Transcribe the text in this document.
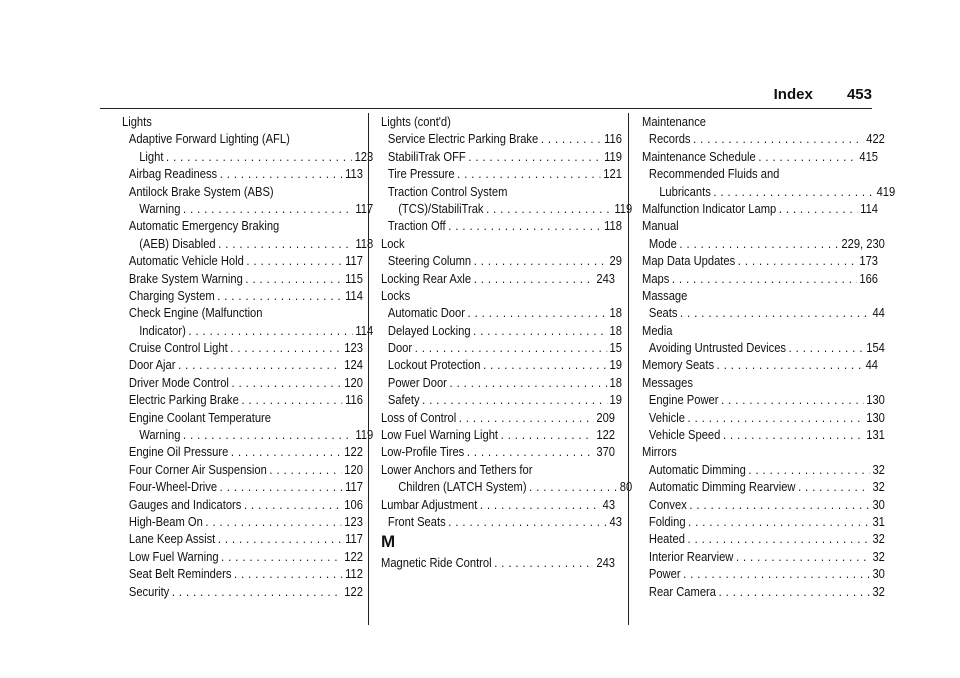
Index 453
Lights
Adaptive Forward Lighting (AFL)
Light . . .	123
Airbag Readiness . . .	113
Antilock Brake System (ABS)
Warning . . .	117
Automatic Emergency Braking
(AEB) Disabled . . .	118
Automatic Vehicle Hold . . .	117
Brake System Warning . . .	115
Charging System . . .	114
Check Engine (Malfunction
Indicator) . . .	114
Cruise Control Light . . .	123
Door Ajar . . .	124
Driver Mode Control . . .	120
Electric Parking Brake . . .	116
Engine Coolant Temperature
Warning . . .	119
Engine Oil Pressure . . .	122
Four Corner Air Suspension . . .	120
Four-Wheel-Drive . . .	117
Gauges and Indicators . . .	106
High-Beam On . . .	123
Lane Keep Assist . . .	117
Low Fuel Warning . . .	122
Seat Belt Reminders . . .	112
Security . . .	122
Lights (cont'd)
Service Electric Parking Brake . . .	116
StabiliTrak OFF . . .	119
Tire Pressure . . .	121
Traction Control System
(TCS)/StabiliTrak . . .	119
Traction Off . . .	118
Lock
Steering Column . . .	29
Locking Rear Axle . . .	243
Locks
Automatic Door . . .	18
Delayed Locking . . .	18
Door . . .	15
Lockout Protection . . .	19
Power Door . . .	18
Safety . . .	19
Loss of Control . . .	209
Low Fuel Warning Light . . .	122
Low-Profile Tires . . .	370
Lower Anchors and Tethers for
Children (LATCH System) . . .	80
Lumbar Adjustment . . .	43
Front Seats . . .	43
M
Magnetic Ride Control . . .	243
Maintenance
Records . . .	422
Maintenance Schedule . . .	415
Recommended Fluids and
Lubricants . . .	419
Malfunction Indicator Lamp . . .	114
Manual
Mode . . .	229, 230
Map Data Updates . . .	173
Maps . . .	166
Massage
Seats . . .	44
Media
Avoiding Untrusted Devices . . .	154
Memory Seats . . .	44
Messages
Engine Power . . .	130
Vehicle . . .	130
Vehicle Speed . . .	131
Mirrors
Automatic Dimming . . .	32
Automatic Dimming Rearview . . .	32
Convex . . .	30
Folding . . .	31
Heated . . .	32
Interior Rearview . . .	32
Power . . .	30
Rear Camera . . .	32
